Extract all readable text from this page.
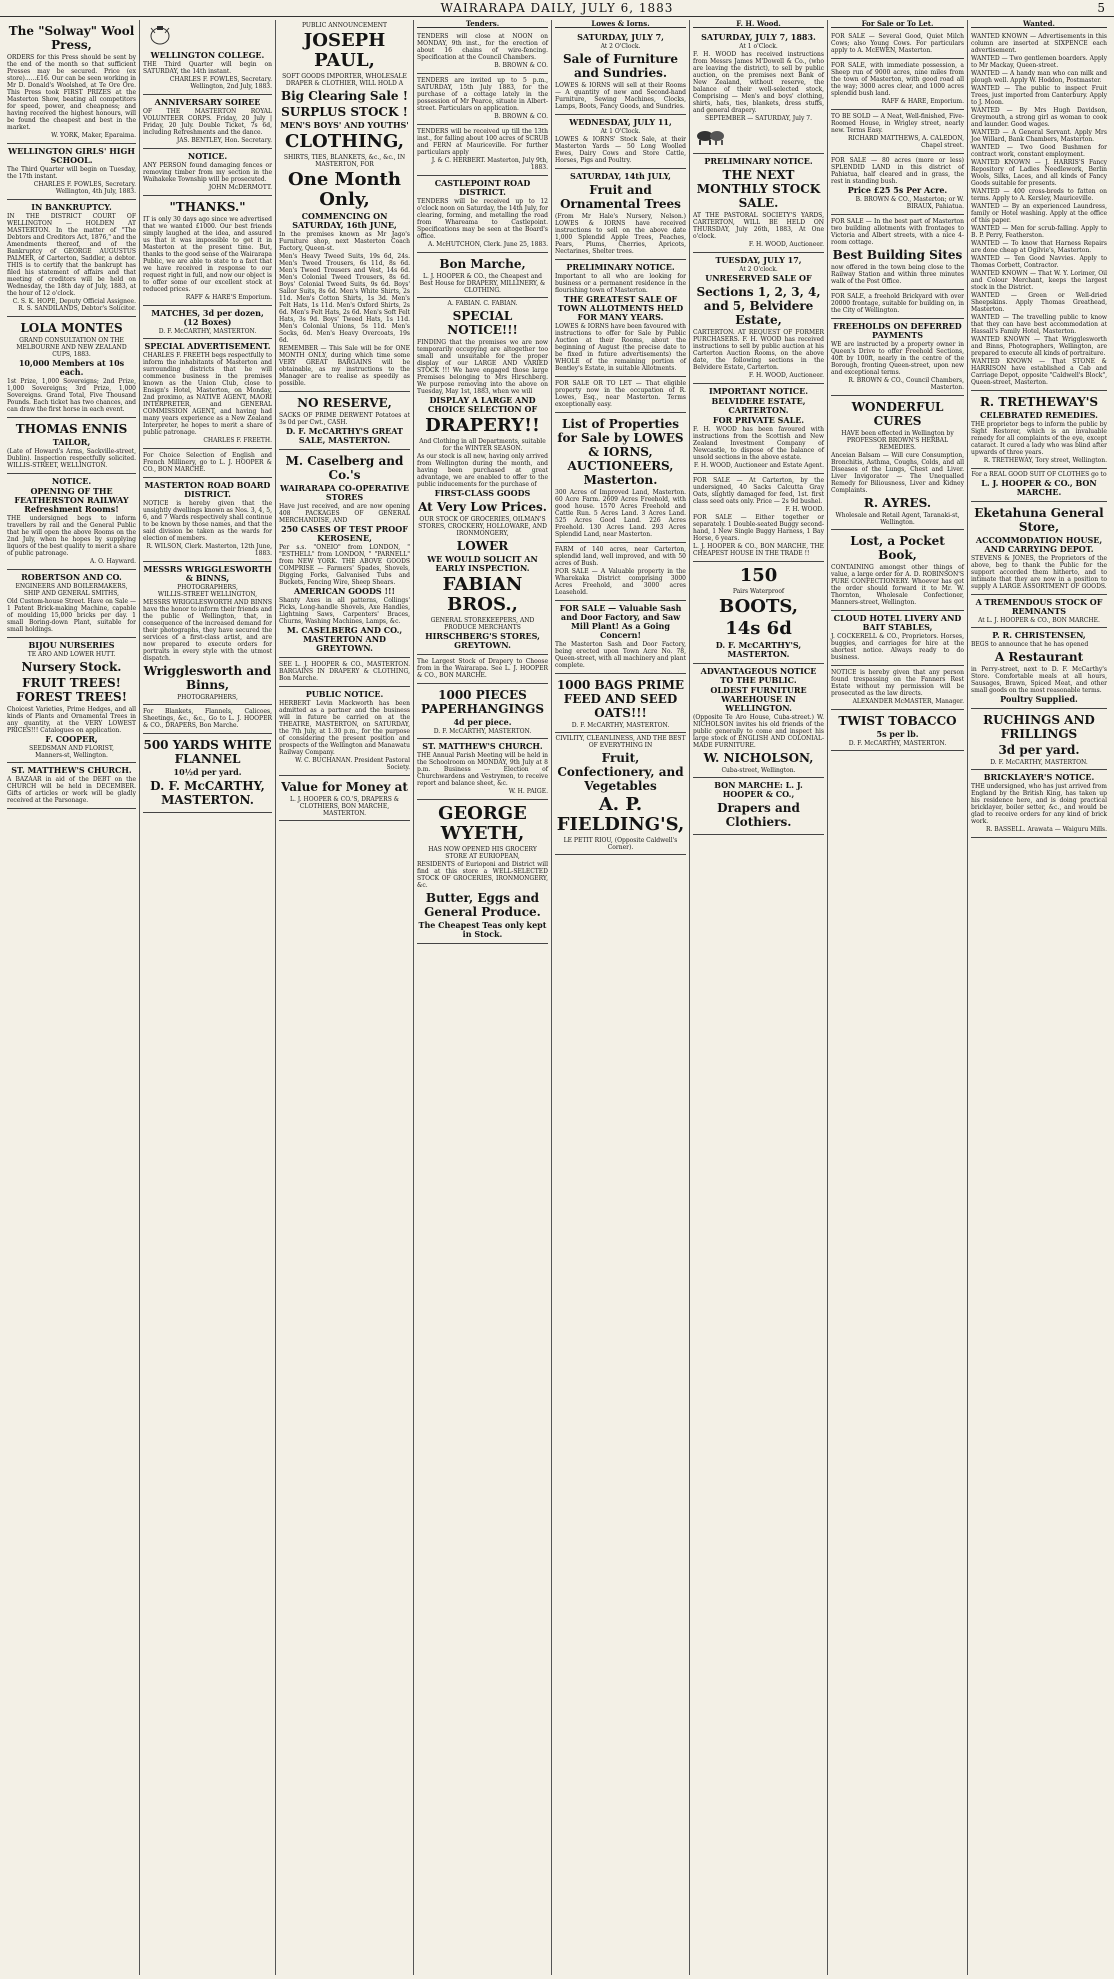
WAIRARAPA DAILY, JULY 6, 1883	5
The "Solway" Wool Press,

ORDERS for this Press should be sent by the end of the month so that sufficient Presses may be secured. Price (ex store)......£16. Our can be seen working in Mr D. Donald's Woolshed, at Te Ore Ore. This Press took FIRST PRIZES at the Masterton Show, beating all competitors for speed, power, and cheapness; and having received the highest honours, will be found the cheapest and best in the market.

W. YORK, Maker, Eparaima.

WELLINGTON GIRLS' HIGH SCHOOL.

The Third Quarter will begin on Tuesday, the 17th instant.

CHARLES F. FOWLES, Secretary. Wellington, 4th July, 1883.

IN BANKRUPTCY.

IN THE DISTRICT COURT OF WELLINGTON — HOLDEN AT MASTERTON. In the matter of "The Debtors and Creditors Act, 1876," and the Amendments thereof, and of the Bankruptcy of GEORGE AUGUSTUS PALMER, of Carterton, Saddler, a debtor. THIS is to certify that the bankrupt has filed his statement of affairs and that meeting of creditors will be held on Wednesday, the 18th day of July, 1883, at the hour of 12 o'clock.

C. S. K. HOPE, Deputy Official Assignee. R. S. SANDILANDS, Debtor's Solicitor.

LOLA MONTES
GRAND CONSULTATION ON THE MELBOURNE AND NEW ZEALAND CUPS, 1883.
10,000 Members at 10s each.

1st Prize, 1,000 Sovereigns; 2nd Prize, 1,000 Sovereigns; 3rd Prize, 1,000 Sovereigns. Grand Total, Five Thousand Pounds. Each ticket has two chances, and can draw the first horse in each event.

THOMAS ENNIS
TAILOR,

(Late of Howard's Arms, Sackville-street, Dublin). Inspection respectfully solicited. WILLIS-STREET, WELLINGTON.

NOTICE.
OPENING OF THE FEATHERSTON RAILWAY Refreshment Rooms!

THE undersigned begs to inform travellers by rail and the General Public that he will open the above Rooms on the 2nd July, when he hopes by supplying liquors of the best quality to merit a share of public patronage.

A. O. Hayward.

ROBERTSON AND CO.
ENGINEERS AND BOILERMAKERS, SHIP AND GENERAL SMITHS,

Old Custom-house Street. Have on Sale — 1 Patent Brick-making Machine, capable of moulding 15,000 bricks per day. 1 small Boring-down Plant, suitable for small holdings.

BIJOU NURSERIES
TE ARO AND LOWER HUTT.
Nursery Stock.
FRUIT TREES! FOREST TREES!

Choicest Varieties, Prime Hedges, and all kinds of Plants and Ornamental Trees in any quantity, at the VERY LOWEST PRICES!!! Catalogues on application.

F. COOPER,
SEEDSMAN AND FLORIST,
Manners-st, Wellington.
ST. MATTHEW'S CHURCH.

A BAZAAR in aid of the DEBT on the CHURCH will be held in DECEMBER. Gifts of articles or work will be gladly received at the Parsonage.

WELLINGTON COLLEGE.

THE Third Quarter will begin on SATURDAY, the 14th instant.

CHARLES F. FOWLES, Secretary. Wellington, 2nd July, 1883.

ANNIVERSARY SOIREE

OF THE MASTERTON ROYAL VOLUNTEER CORPS. Friday, 20 July | Friday, 20 July. Double Ticket, 7s 6d, including Refreshments and the dance.

JAS. BENTLEY, Hon. Secretary.

NOTICE.

ANY PERSON found damaging fences or removing timber from my section in the Waihakeke Township will be prosecuted.

JOHN McDERMOTT.

"THANKS."

IT is only 30 days ago since we advertised that we wanted £1000. Our best friends simply laughed at the idea, and assured us that it was impossible to get it in Masterton at the present time. But, thanks to the good sense of the Wairarapa Public, we are able to state to a fact that we have received in response to our request right in full, and now our object is to offer some of our excellent stock at reduced prices.

RAFF & HARE'S Emporium.

MATCHES, 3d per dozen, (12 Boxes)
D. F. McCARTHY, MASTERTON.
SPECIAL ADVERTISEMENT.

CHARLES F. FREETH begs respectfully to inform the inhabitants of Masterton and surrounding districts that he will commence business in the premises known as the Union Club, close to Ensign's Hotel, Masterton, on Monday, 2nd proximo, as NATIVE AGENT, MAORI INTERPRETER, and GENERAL COMMISSION AGENT, and having had many years experience as a New Zealand Interpreter, he hopes to merit a share of public patronage.

CHARLES F. FREETH.

For Choice Selection of English and French Millinery, go to L. J. HOOPER & CO., BON MARCHE.

MASTERTON ROAD BOARD DISTRICT.

NOTICE is hereby given that the unsightly dwellings known as Nos. 3, 4, 5, 6, and 7 Wards respectively shall continue to be known by those names, and that the said division be taken as the wards for election of members.

R. WILSON, Clerk. Masterton, 12th June, 1883.

MESSRS WRIGGLESWORTH & BINNS,
PHOTOGRAPHERS,
WILLIS-STREET WELLINGTON,

MESSRS WRIGGLESWORTH AND BINNS have the honor to inform their friends and the public of Wellington, that, in consequence of the increased demand for their photographs, they have secured the services of a first-class artist, and are now prepared to execute orders for portraits in every style with the utmost dispatch.

Wrigglesworth and Binns,
PHOTOGRAPHERS,

For Blankets, Flannels, Calicoes, Sheetings, &c., &c., Go to L. J. HOOPER & CO., DRAPERS, Bon Marche.

500 YARDS WHITE FLANNEL
10½d per yard.
D. F. McCARTHY, MASTERTON.
PUBLIC ANNOUNCEMENT
JOSEPH PAUL,
SOFT GOODS IMPORTER, WHOLESALE DRAPER & CLOTHIER, WILL HOLD A
Big Clearing Sale !
SURPLUS STOCK !
MEN'S BOYS' AND YOUTHS'
CLOTHING,
SHIRTS, TIES, BLANKETS, &c., &c., IN MASTERTON, FOR
One Month Only,
COMMENCING ON SATURDAY, 16th JUNE,

In the premises known as Mr Jago's Furniture shop, next Masterton Coach Factory, Queen-st.

Men's Heavy Tweed Suits, 19s 6d, 24s. Men's Tweed Trousers, 6s 11d, 8s 6d. Men's Tweed Trousers and Vest, 14s 6d. Men's Colonial Tweed Trousers, 8s 6d. Boys' Colonial Tweed Suits, 9s 6d. Boys' Sailor Suits, 8s 6d. Men's White Shirts, 2s 11d. Men's Cotton Shirts, 1s 3d. Men's Felt Hats, 1s 11d. Men's Oxford Shirts, 2s 6d. Men's Felt Hats, 2s 6d. Men's Soft Felt Hats, 3s 9d. Boys' Tweed Hats, 1s 11d. Men's Colonial Unions, 5s 11d. Men's Socks, 6d. Men's Heavy Overcoats, 19s 6d.

REMEMBER — This Sale will be for ONE MONTH ONLY, during which time some VERY GREAT BARGAINS will be obtainable, as my instructions to the Manager are to realise as speedily as possible.

NO RESERVE,

SACKS OF PRIME DERWENT Potatoes at 3s 0d per Cwt., CASH.

D. F. McCARTHY'S GREAT SALE, MASTERTON.
M. Caselberg and Co.'s
WAIRARAPA CO-OPERATIVE STORES

Have just received, and are now opening 408 PACKAGES OF GENERAL MERCHANDISE, AND

250 CASES OF TEST PROOF KEROSENE,

Per s.s. "ONEIO" from LONDON, " "ESTHELL" from LONDON, " "PARNELL" from NEW YORK. THE ABOVE GOODS COMPRISE — Farmers' Spades, Shovels, Digging Forks, Galvanised Tubs and Buckets, Fencing Wire, Sheep Shears.

AMERICAN GOODS !!!

Shanty Axes in all patterns, Collings' Picks, Long-handle Shovels, Axe Handles, Lightning Saws, Carpenters' Braces, Churns, Washing Machines, Lamps, &c.

M. CASELBERG AND CO., MASTERTON AND GREYTOWN.

SEE L. J. HOOPER & CO., MASTERTON. BARGAINS IN DRAPERY & CLOTHING, Bon Marche.

PUBLIC NOTICE.

HERBERT Levin Mackworth has been admitted as a partner and the business will in future be carried on at the THEATRE, MASTERTON, on SATURDAY, the 7th July, at 1.30 p.m., for the purpose of considering the present position and prospects of the Wellington and Manawatu Railway Company.

W. C. BUCHANAN. President Pastoral Society.

Value for Money at
L. J. HOOPER & CO.'S, DRAPERS & CLOTHIERS, BON MARCHE, MASTERTON.
Tenders.

TENDERS will close at NOON on MONDAY, 9th inst., for the erection of about 16 chains of wire-fencing. Specification at the Council Chambers.

B. BROWN & CO.

TENDERS are invited up to 5 p.m., SATURDAY, 15th July 1883, for the purchase of a cottage lately in the possession of Mr Pearce, situate in Albert-street. Particulars on application.

B. BROWN & CO.

TENDERS will be received up till the 13th inst., for falling about 100 acres of SCRUB and FERN at Mauriceville. For further particulars apply

J. & C. HERBERT. Masterton, July 9th, 1883.

CASTLEPOINT ROAD DISTRICT.

TENDERS will be received up to 12 o'clock noon on Saturday, the 14th July, for clearing, forming, and metalling the road from Whareama to Castlepoint. Specifications may be seen at the Board's office.

A. McHUTCHON, Clerk. June 25, 1883.

Bon Marche,
L. J. HOOPER & CO., the Cheapest and Best House for DRAPERY, MILLINERY, & CLOTHING.
A. FABIAN. C. FABIAN.
SPECIAL NOTICE!!!

FINDING that the premises we are now temporarily occupying are altogether too small and unsuitable for the proper display of our LARGE AND VARIED STOCK !!! We have engaged those large Premises belonging to Mrs Hirschberg. We purpose removing into the above on Tuesday, May 1st, 1883, when we will

DISPLAY A LARGE AND CHOICE SELECTION OF
DRAPERY!!
And Clothing in all Departments, suitable for the WINTER SEASON.

As our stock is all new, having only arrived from Wellington during the month, and having been purchased at great advantage, we are enabled to offer to the public inducements for the purchase of

FIRST-CLASS GOODS
At Very Low Prices.
OUR STOCK OF GROCERIES, OILMAN'S STORES, CROCKERY, HOLLOWARE, AND IRONMONGERY,
LOWER
WE WOULD SOLICIT AN EARLY INSPECTION.
FABIAN BROS.,
GENERAL STOREKEEPERS, AND PRODUCE MERCHANTS
HIRSCHBERG'S STORES, GREYTOWN.

The Largest Stock of Drapery to Choose from in the Wairarapa. See L. J. HOOPER & CO., BON MARCHE.

1000 PIECES PAPERHANGINGS
4d per piece.
D. F. McCARTHY, MASTERTON.
ST. MATTHEW'S CHURCH.

THE Annual Parish Meeting will be held in the Schoolroom on MONDAY, 9th July at 8 p.m. Business — Election of Churchwardens and Vestrymen, to receive report and balance sheet, &c.

W. H. PAIGE.

GEORGE WYETH,
HAS NOW OPENED HIS GROCERY STORE AT EURIOPEAN,

RESIDENTS of Eurioponi and District will find at this store a WELL-SELECTED STOCK OF GROCERIES, IRONMONGERY, &c.

Butter, Eggs and General Produce.
The Cheapest Teas only kept in Stock.
Lowes & Iorns.
SATURDAY, JULY 7,
At 2 O'Clock.
Sale of Furniture and Sundries.

LOWES & IORNS will sell at their Rooms — A quantity of new and Second-hand Furniture, Sewing Machines, Clocks, Lamps, Boots, Fancy Goods, and Sundries.

WEDNESDAY, JULY 11,
At 1 O'Clock.

LOWES & IORNS' Stock Sale, at their Masterton Yards — 50 Long Woolled Ewes, Dairy Cows and Store Cattle, Horses, Pigs and Poultry.

SATURDAY, 14th JULY,
Fruit and Ornamental Trees

(From Mr Hale's Nursery, Nelson.) LOWES & IORNS have received instructions to sell on the above date 1,000 Splendid Apple Trees, Peaches, Pears, Plums, Cherries, Apricots, Nectarines, Shelter trees.

PRELIMINARY NOTICE.

Important to all who are looking for business or a permanent residence in the flourishing town of Masterton.

THE GREATEST SALE OF TOWN ALLOTMENTS HELD FOR MANY YEARS.

LOWES & IORNS have been favoured with instructions to offer for Sale by Public Auction at their Rooms, about the beginning of August (the precise date to be fixed in future advertisements) the WHOLE of the remaining portion of Bentley's Estate, in suitable Allotments.

FOR SALE OR TO LET — That eligible property now in the occupation of R. Lowes, Esq., near Masterton. Terms exceptionally easy.

List of Properties for Sale by LOWES & IORNS, AUCTIONEERS, Masterton.

300 Acres of Improved Land, Masterton. 60 Acre Farm. 2609 Acres Freehold, with good house. 1570 Acres Freehold and Cattle Run. 5 Acres Land. 3 Acres Land. 525 Acres Good Land. 226 Acres Freehold. 130 Acres Land. 293 Acres Splendid Land, near Masterton.

FARM of 140 acres, near Carterton, splendid land, well improved, and with 50 acres of Bush.

FOR SALE — A Valuable property in the Wharekaka District comprising 3000 Acres Freehold, and 3000 acres Leasehold.

FOR SALE — Valuable Sash and Door Factory, and Saw Mill Plant! As a Going Concern!

The Masterton Sash and Door Factory, being erected upon Town Acre No. 78, Queen-street, with all machinery and plant complete.

1000 BAGS PRIME FEED AND SEED OATS!!!
D. F. McCARTHY, MASTERTON.
CIVILITY, CLEANLINESS, AND THE BEST OF EVERYTHING IN
Fruit, Confectionery, and Vegetables
A. P. FIELDING'S,
LE PETIT RIOU, (Opposite Caldwell's Corner).
F. H. Wood.
SATURDAY, JULY 7, 1883.
At 1 o'Clock.

F. H. WOOD has received instructions from Messrs James M'Dowell & Co., (who are leaving the district), to sell by public auction, on the premises next Bank of New Zealand, without reserve, the balance of their well-selected stock, Comprising — Men's and boys' clothing, shirts, hats, ties, blankets, dress stuffs, and general drapery.

SEPTEMBER — SATURDAY, July 7.
PRELIMINARY NOTICE.
THE NEXT MONTHLY STOCK SALE.

AT THE PASTORAL SOCIETY'S YARDS, CARTERTON, WILL BE HELD ON THURSDAY, July 26th, 1883, At One o'clock.

F. H. WOOD, Auctioneer.

TUESDAY, JULY 17,
At 2 O'clock.
UNRESERVED SALE OF
Sections 1, 2, 3, 4, and 5, Belvidere Estate,

CARTERTON. AT REQUEST OF FORMER PURCHASERS. F. H. WOOD has received instructions to sell by public auction at his Carterton Auction Rooms, on the above date, the following sections in the Belvidere Estate, Carterton.

F. H. WOOD, Auctioneer.

IMPORTANT NOTICE.
BELVIDERE ESTATE, CARTERTON.
FOR PRIVATE SALE.

F. H. WOOD has been favoured with instructions from the Scottish and New Zealand Investment Company of Newcastle, to dispose of the balance of unsold sections in the above estate.

F. H. WOOD, Auctioneer and Estate Agent.

FOR SALE — At Carterton, by the undersigned, 40 Sacks Calcutta Gray Oats, slightly damaged for feed, 1st. first class seed oats only. Price — 2s 9d bushel.

F. H. WOOD.

FOR SALE — Either together or separately. 1 Double-seated Buggy second-hand, 1 New Single Buggy Harness, 1 Bay Horse, 6 years.

L. J. HOOPER & CO., BON MARCHE, THE CHEAPEST HOUSE IN THE TRADE !!

150
Pairs Waterproof
BOOTS,
14s 6d
D. F. McCARTHY'S, MASTERTON.
ADVANTAGEOUS NOTICE TO THE PUBLIC.
OLDEST FURNITURE WAREHOUSE IN WELLINGTON.

(Opposite Te Aro House, Cuba-street.) W. NICHOLSON invites his old friends of the public generally to come and inspect his large stock of ENGLISH AND COLONIAL-MADE FURNITURE.

W. NICHOLSON,
Cuba-street, Wellington.
BON MARCHE: L. J. HOOPER & CO.,
Drapers and Clothiers.
For Sale or To Let.

FOR SALE — Several Good, Quiet Milch Cows; also Young Cows. For particulars apply to A. McEWEN, Masterton.

FOR SALE, with immediate possession, a Sheep run of 9000 acres, nine miles from the town of Masterton, with good road all the way; 3000 acres clear, and 1000 acres splendid bush land.

RAFF & HARE, Emporium.

TO BE SOLD — A Neat, Well-finished, Five-Roomed House, in Wrigley street, nearly new. Terms Easy.

RICHARD MATTHEWS, A. CALEDON, Chapel street.

FOR SALE — 80 acres (more or less) SPLENDID LAND in this district of Pahiatua, half cleared and in grass, the rest in standing bush.

Price £25 5s Per Acre.

B. BROWN & CO., Masterton; or W. BIRAUX, Pahiatua.

FOR SALE — In the best part of Masterton two building allotments with frontages to Victoria and Albert streets, with a nice 4-room cottage.

Best Building Sites

now offered in the town being close to the Railway Station and within three minutes walk of the Post Office.

FOR SALE, a freehold Brickyard with over 20000 frontage, suitable for building on, in the City of Wellington.

FREEHOLDS ON DEFERRED PAYMENTS

WE are instructed by a property owner in Queen's Drive to offer Freehold Sections, 40ft by 100ft, nearly in the centre of the Borough, fronting Queen-street, upon new and exceptional terms.

R. BROWN & CO., Council Chambers, Masterton.

WONDERFUL CURES
HAVE been effected in Wellington by PROFESSOR BROWN'S HERBAL REMEDIES.

Anceian Balsam — Will cure Consumption, Bronchitis, Asthma, Coughs, Colds, and all Diseases of the Lungs, Chest and Liver. Liver Invigorator — The Unequalled Remedy for Biliousness, Liver and Kidney Complaints.

R. AYRES.
Wholesale and Retail Agent, Taranaki-st, Wellington.
Lost, a Pocket Book,

CONTAINING amongst other things of value, a large order for A. D. ROBINSON'S PURE CONFECTIONERY. Whoever has got the order should forward it to Mr. W. Thornton, Wholesale Confectioner, Manners-street, Wellington.

CLOUD HOTEL LIVERY AND BAIT STABLES,

J. COCKERELL & CO., Proprietors. Horses, buggies, and carriages for hire at the shortest notice. Always ready to do business.

NOTICE is hereby given that any person found trespassing on the Fanners Rest Estate without my permission will be prosecuted as the law directs.

ALEXANDER McMASTER, Manager.

TWIST TOBACCO
5s per lb.
D. F. McCARTHY, MASTERTON.
Wanted.

WANTED KNOWN — Advertisements in this column are inserted at SIXPENCE each advertisement.

WANTED — Two gentlemen boarders. Apply to Mr Mackay, Queen-street.

WANTED — A handy man who can milk and plough well. Apply W. Hoddon, Postmaster.

WANTED — The public to inspect Fruit Trees, just imported from Canterbury. Apply to J. Moon.

WANTED — By Mrs Hugh Davidson, Greymouth, a strong girl as woman to cook and launder. Good wages.

WANTED — A General Servant. Apply Mrs Joe Willard, Bank Chambers, Masterton.

WANTED — Two Good Bushmen for contract work, constant employment.

WANTED KNOWN — J. HARRIS'S Fancy Repository of Ladies Needlework, Berlin Wools, Silks, Laces, and all kinds of Fancy Goods suitable for presents.

WANTED — 400 cross-breds to fatten on terms. Apply to A. Kersley, Mauriceville.

WANTED — By an experienced Laundress, family or Hotel washing. Apply at the office of this paper.

WANTED — Men for scrub-falling. Apply to B. P. Perry, Featherston.

WANTED — To know that Harness Repairs are done cheap at Ogilvie's, Masterton.

WANTED — Ten Good Navvies. Apply to Thomas Corbett, Contractor.

WANTED KNOWN — That W. Y. Lorimer, Oil and Colour Merchant, keeps the largest stock in the District.

WANTED — Green or Well-dried Sheepskins. Apply Thomas Greathead, Masterton.

WANTED — The travelling public to know that they can have best accommodation at Hassall's Family Hotel, Masterton.

WANTED KNOWN — That Wrigglesworth and Binns, Photographers, Wellington, are prepared to execute all kinds of portraiture.

WANTED KNOWN — That STONE & HARRISON have established a Cab and Carriage Depot, opposite "Caldwell's Block", Queen-street, Masterton.

R. TRETHEWAY'S
CELEBRATED REMEDIES.

THE proprietor begs to inform the public by Sight Restorer, which is an invaluable remedy for all complaints of the eye, except cataract. It cured a lady who was blind after upwards of three years.

R. TRETHEWAY, Tory street, Wellington.

For a REAL GOOD SUIT OF CLOTHES go to
L. J. HOOPER & CO., BON MARCHE.
Eketahuna General Store,
ACCOMMODATION HOUSE, AND CARRYING DEPOT.

STEVENS & JONES, the Proprietors of the above, beg to thank the Public for the support accorded them hitherto, and to intimate that they are now in a position to supply A LARGE ASSORTMENT OF GOODS.

A TREMENDOUS STOCK OF REMNANTS
At L. J. HOOPER & CO., BON MARCHE.
P. R. CHRISTENSEN,

BEGS to announce that he has opened

A Restaurant

in Perry-street, next to D. F. McCarthy's Store. Comfortable meals at all hours, Sausages, Brawn, Spiced Meat, and other small goods on the most reasonable terms.

Poultry Supplied.
RUCHINGS AND FRILLINGS
3d per yard.
D. F. McCARTHY, MASTERTON.
BRICKLAYER'S NOTICE.

THE undersigned, who has just arrived from England by the British King, has taken up his residence here, and is doing practical bricklayer, boiler setter, &c., and would be glad to receive orders for any kind of brick work.

R. BASSELL. Arawata — Waiguru Mills.
